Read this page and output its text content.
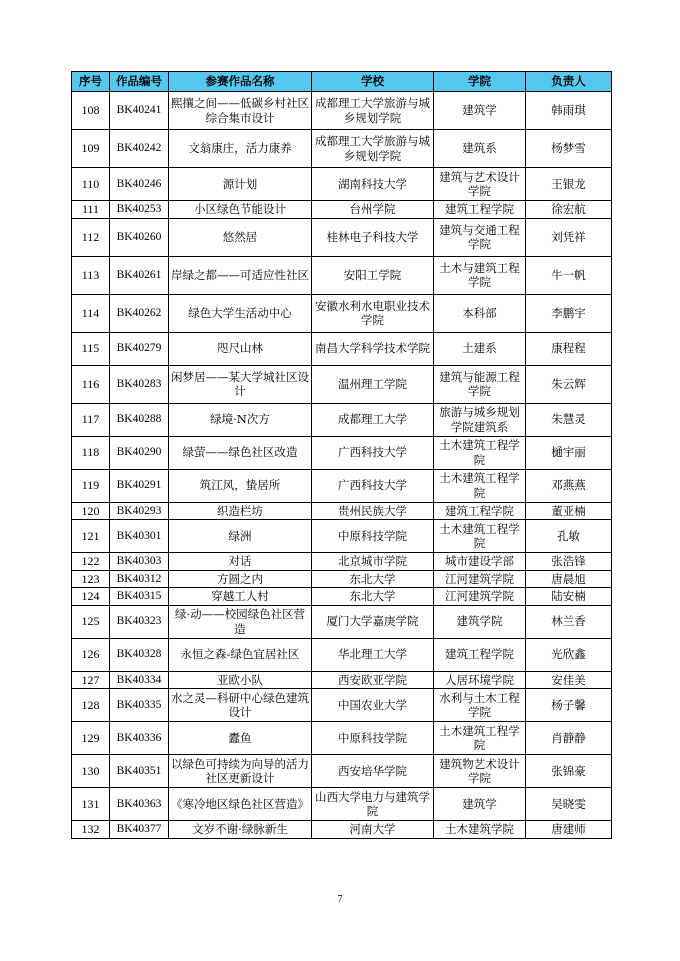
序号	作品编号	参赛作品名称	学校	学院	负责人
108	BK40241	熙攘之间——低碳乡村社区综合集市设计	成都理工大学旅游与城乡规划学院	建筑学	韩雨琪
109	BK40242	文翁康庄，活力康养	成都理工大学旅游与城乡规划学院	建筑系	杨梦雪
110	BK40246	源计划	湖南科技大学	建筑与艺术设计学院	王银龙
111	BK40253	小区绿色节能设计	台州学院	建筑工程学院	徐宏航
112	BK40260	悠然居	桂林电子科技大学	建筑与交通工程学院	刘凭祥
113	BK40261	岸绿之都——可适应性社区	安阳工学院	土木与建筑工程学院	牛一帆
114	BK40262	绿色大学生活动中心	安徽水利水电职业技术学院	本科部	李鹏宇
115	BK40279	咫尺山林	南昌大学科学技术学院	土建系	康程程
116	BK40283	闲梦居——某大学城社区设计	温州理工学院	建筑与能源工程学院	朱云辉
117	BK40288	绿境·N次方	成都理工大学	旅游与城乡规划学院建筑系	朱慧灵
118	BK40290	绿萤——绿色社区改造	广西科技大学	土木建筑工程学院	樋宇丽
119	BK40291	筑江风，蛰居所	广西科技大学	土木建筑工程学院	邓燕燕
120	BK40293	织造栏坊	贵州民族大学	建筑工程学院	董亚楠
121	BK40301	绿洲	中原科技学院	土木建筑工程学院	孔敏
122	BK40303	对话	北京城市学院	城市建设学部	张浩锋
123	BK40312	方圆之内	东北大学	江河建筑学院	唐晨旭
124	BK40315	穿越工人村	东北大学	江河建筑学院	陆安楠
125	BK40323	绿·动——校园绿色社区营造	厦门大学嘉庚学院	建筑学院	林兰香
126	BK40328	永恒之森-绿色宜居社区	华北理工大学	建筑工程学院	光欣鑫
127	BK40334	亚欧小队	西安欧亚学院	人居环境学院	安佳美
128	BK40335	水之灵—科研中心绿色建筑设计	中国农业大学	水利与土木工程学院	杨子馨
129	BK40336	蠹鱼	中原科技学院	土木建筑工程学院	肖静静
130	BK40351	以绿色可持续为向导的活力社区更新设计	西安培华学院	建筑物艺术设计学院	张锦豪
131	BK40363	《寒冷地区绿色社区营造》	山西大学电力与建筑学院	建筑学	吴晓雯
132	BK40377	文岁不谢·绿脉新生	河南大学	土木建筑学院	唐建师
7
